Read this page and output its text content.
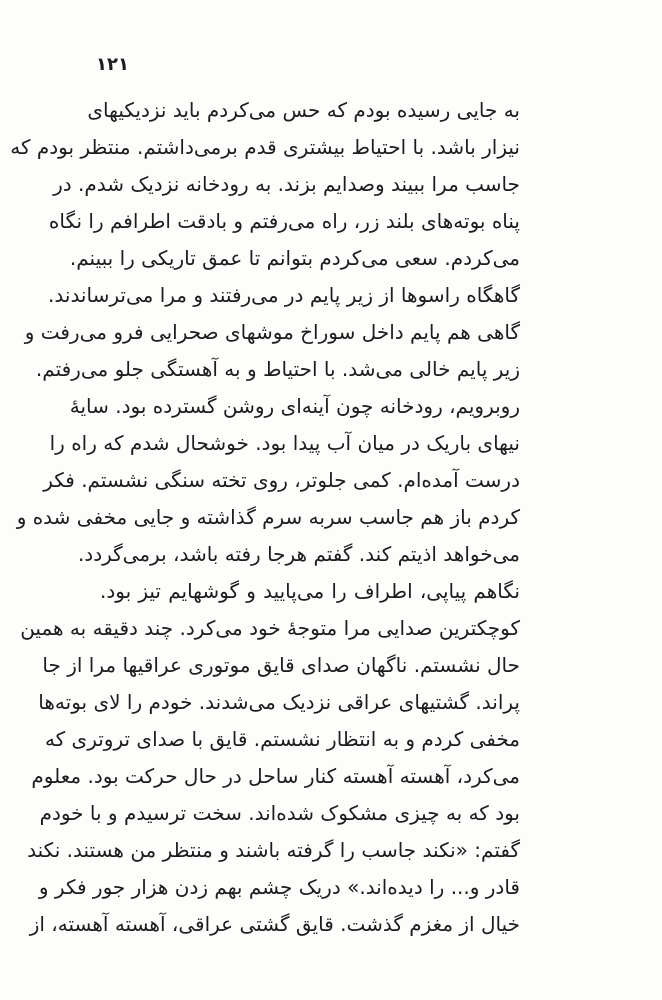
۱۲۱
به جایی رسیده بودم که حس می‌کردم باید نزدیکیهای
نیزار باشد. با احتیاط بیشتری قدم برمی‌داشتم. منتظر بودم که
جاسب مرا ببیند وصدایم بزند. به رودخانه نزدیک شدم. در
پناه بوته‌های بلند زر، راه می‌رفتم و بادقت اطرافم را نگاه
می‌کردم. سعی می‌کردم بتوانم تا عمق تاریکی را ببینم.
گاهگاه راسوها از زیر پایم در می‌رفتند و مرا می‌ترساندند.
گاهی هم پایم داخل سوراخ موشهای صحرایی فرو می‌رفت و
زیر پایم خالی می‌شد. با احتیاط و به آهستگی جلو می‌رفتم.
روبرویم، رودخانه چون آینه‌ای روشن گسترده بود. سایهٔ
نیهای باریک در میان آب پیدا بود. خوشحال شدم که راه را
درست آمده‌ام. کمی جلوتر، روی تخته سنگی نشستم. فکر
کردم باز هم جاسب سربه سرم گذاشته و جایی مخفی شده و
می‌خواهد اذیتم کند. گفتم هرجا رفته باشد، برمی‌گردد.
نگاهم پیاپی، اطراف را می‌پایید و گوشهایم تیز بود.
کوچکترین صدایی مرا متوجهٔ خود می‌کرد. چند دقیقه به همین
حال نشستم. ناگهان صدای قایق موتوری عراقیها مرا از جا
پراند. گشتیهای عراقی نزدیک می‌شدند. خودم را لای بوته‌ها
مخفی کردم و به انتظار نشستم. قایق با صدای تروتری که
می‌کرد، آهسته آهسته کنار ساحل در حال حرکت بود. معلوم
بود که به چیزی مشکوک شده‌اند. سخت ترسیدم و با خودم
گفتم: «نکند جاسب را گرفته باشند و منتظر من هستند. نکند
قادر و... را دیده‌اند.» دریک چشم بهم زدن هزار جور فکر و
خیال از مغزم گذشت. قایق گشتی عراقی، آهسته آهسته، از
